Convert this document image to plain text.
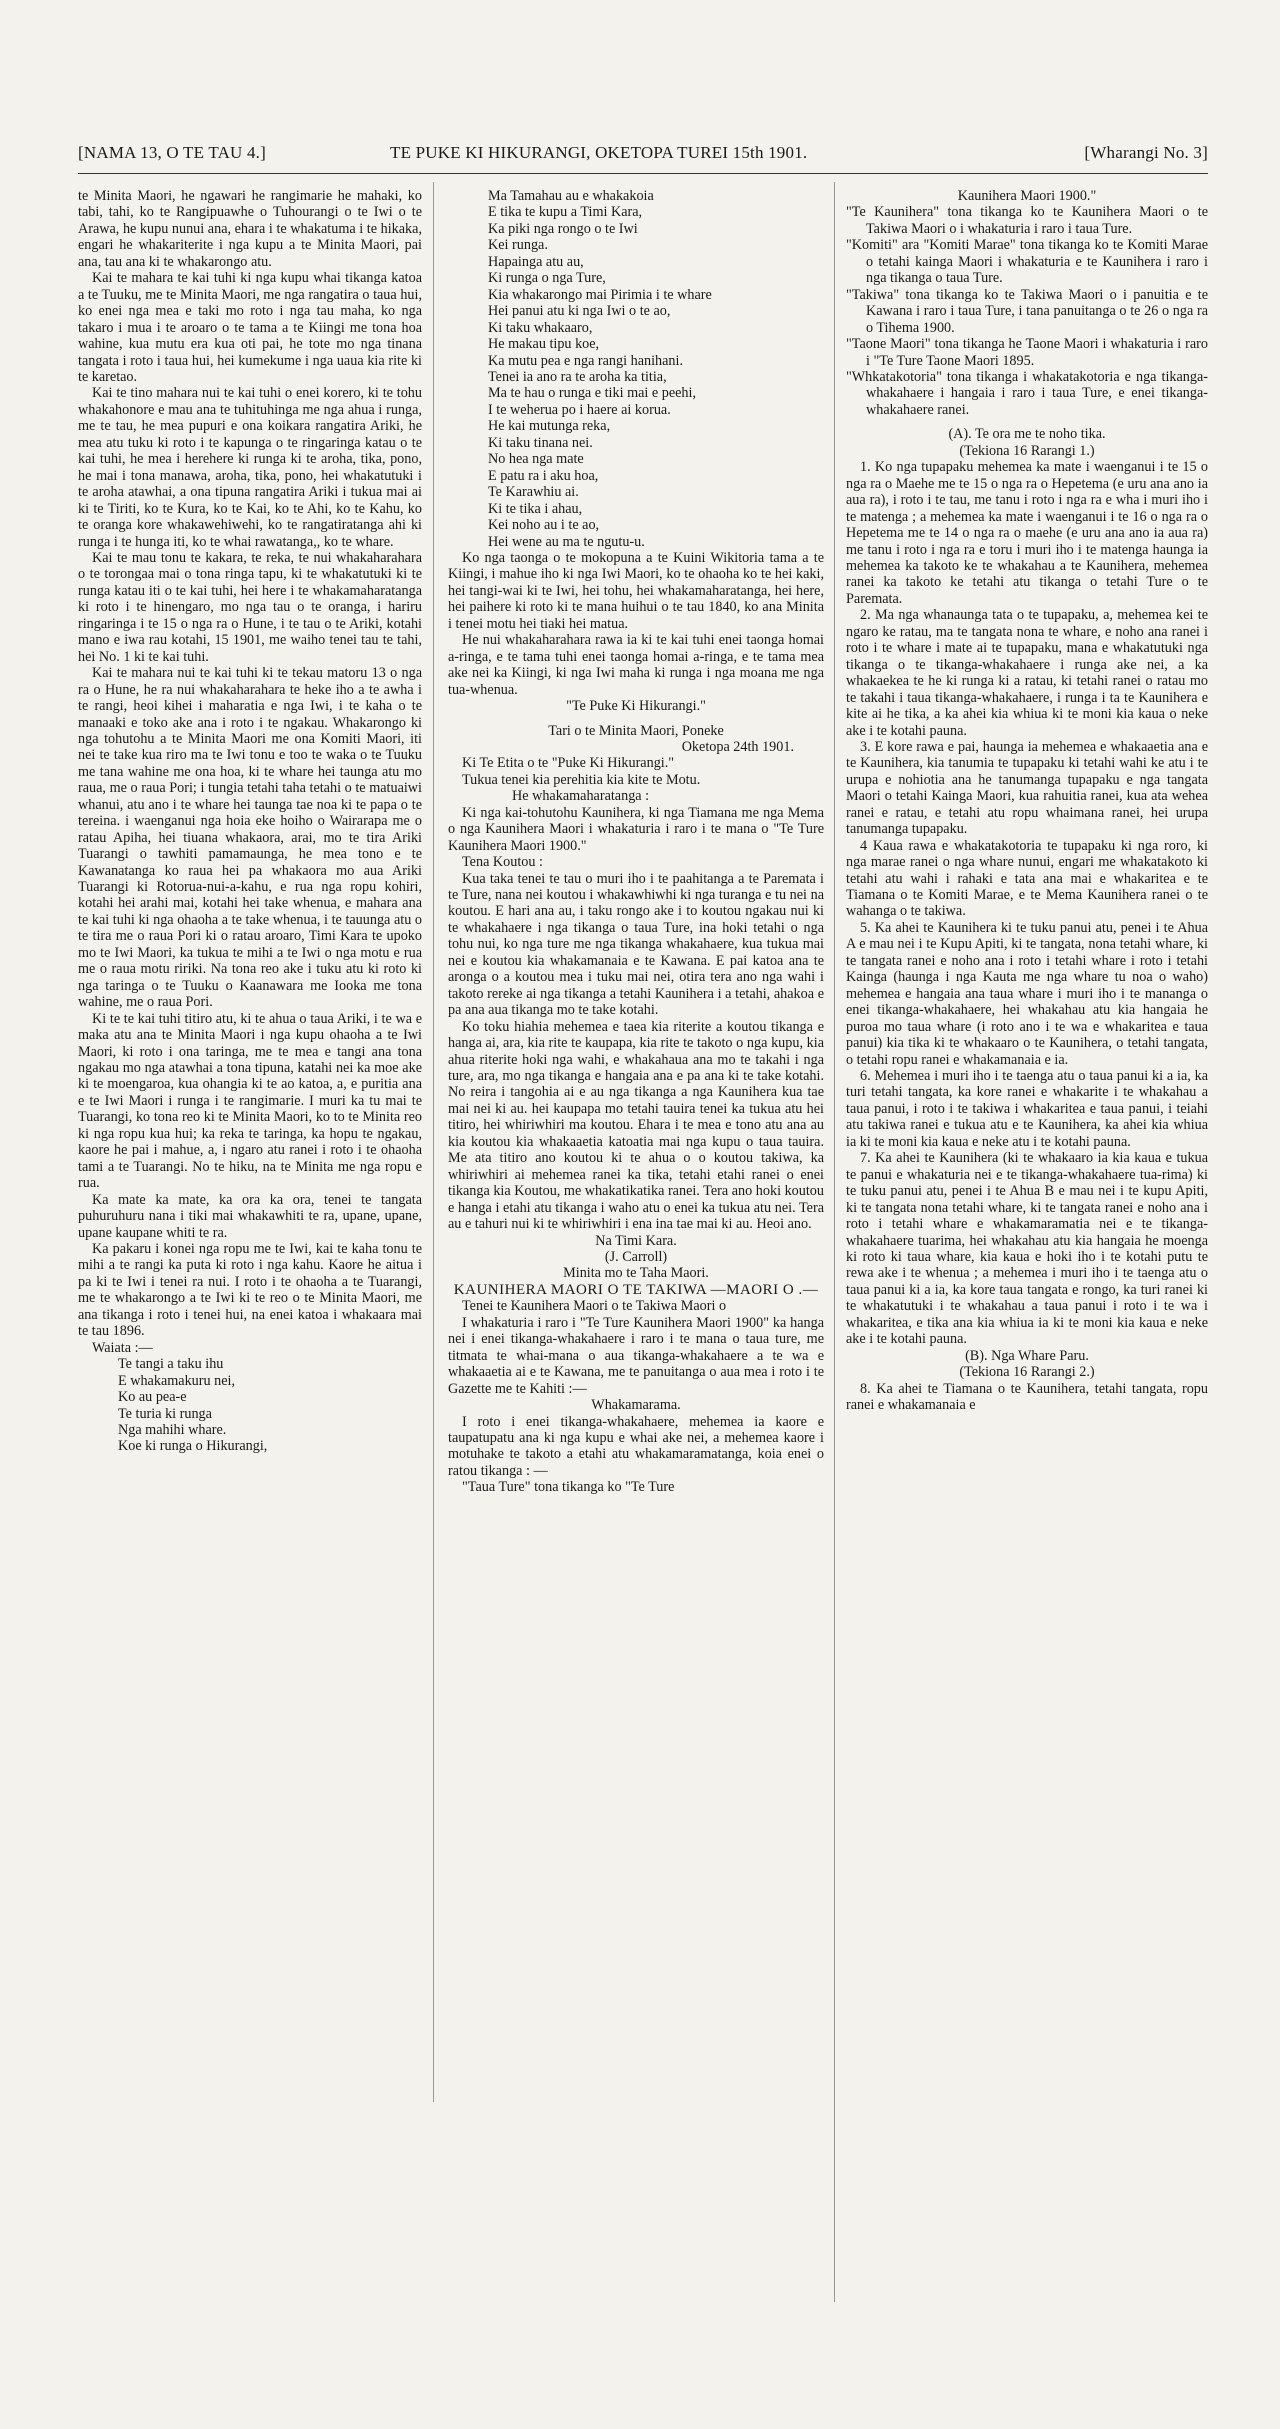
[NAMA 13, O TE TAU 4.]	TE PUKE KI HIKURANGI, OKETOPA TUREI 15th 1901.	[Wharangi No. 3]

te Minita Maori, he ngawari he rangimarie he mahaki, ko tabi, tahi, ko te Rangipuawhe o Tuhourangi o te Iwi o te Arawa, he kupu nunui ana, ehara i te whakatuma i te hikaka, engari he whakariterite i nga kupu a te Minita Maori, pai ana, tau ana ki te whakarongo atu.

Kai te mahara te kai tuhi ki nga kupu whai tikanga katoa a te Tuuku, me te Minita Maori, me nga rangatira o taua hui, ko enei nga mea e taki mo roto i nga tau maha, ko nga takaro i mua i te aroaro o te tama a te Kiingi me tona hoa wahine, kua mutu era kua oti pai, he tote mo nga tinana tangata i roto i taua hui, hei kumekume i nga uaua kia rite ki te karetao.

Kai te tino mahara nui te kai tuhi o enei korero, ki te tohu whakahonore e mau ana te tuhituhinga me nga ahua i runga, me te tau, he mea pupuri e ona koikara rangatira Ariki, he mea atu tuku ki roto i te kapunga o te ringaringa katau o te kai tuhi, he mea i herehere ki runga ki te aroha, tika, pono, he mai i tona manawa, aroha, tika, pono, hei whakatutuki i te aroha atawhai, a ona tipuna rangatira Ariki i tukua mai ai ki te Tiriti, ko te Kura, ko te Kai, ko te Ahi, ko te Kahu, ko te oranga kore whakawehiwehi, ko te rangatiratanga ahi ki runga i te hunga iti, ko te whai rawatanga,, ko te whare.

Kai te mau tonu te kakara, te reka, te nui whakaharahara o te torongaa mai o tona ringa tapu, ki te whakatutuki ki te runga katau iti o te kai tuhi, hei here i te whakamaharatanga ki roto i te hinengaro, mo nga tau o te oranga, i hariru ringaringa i te 15 o nga ra o Hune, i te tau o te Ariki, kotahi mano e iwa rau kotahi, 15 1901, me waiho tenei tau te tahi, hei No. 1 ki te kai tuhi.

Kai te mahara nui te kai tuhi ki te tekau matoru 13 o nga ra o Hune, he ra nui whakaharahara te heke iho a te awha i te rangi, heoi kihei i maharatia e nga Iwi, i te kaha o te manaaki e toko ake ana i roto i te ngakau. Whakarongo ki nga tohutohu a te Minita Maori me ona Komiti Maori, iti nei te take kua riro ma te Iwi tonu e too te waka o te Tuuku me tana wahine me ona hoa, ki te whare hei taunga atu mo raua, me o raua Pori; i tungia tetahi taha tetahi o te matuaiwi whanui, atu ano i te whare hei taunga tae noa ki te papa o te tereina. i waenganui nga hoia eke hoiho o Wairarapa me o ratau Apiha, hei tiuana whakaora, arai, mo te tira Ariki Tuarangi o tawhiti pamamaunga, he mea tono e te Kawanatanga ko raua hei pa whakaora mo aua Ariki Tuarangi ki Rotorua-nui-a-kahu, e rua nga ropu kohiri, kotahi hei arahi mai, kotahi hei take whenua, e mahara ana te kai tuhi ki nga ohaoha a te take whenua, i te tauunga atu o te tira me o raua Pori ki o ratau aroaro, Timi Kara te upoko mo te Iwi Maori, ka tukua te mihi a te Iwi o nga motu e rua me o raua motu ririki. Na tona reo ake i tuku atu ki roto ki nga taringa o te Tuuku o Kaanawara me Iooka me tona wahine, me o raua Pori.

Ki te te kai tuhi titiro atu, ki te ahua o taua Ariki, i te wa e maka atu ana te Minita Maori i nga kupu ohaoha a te Iwi Maori, ki roto i ona taringa, me te mea e tangi ana tona ngakau mo nga atawhai a tona tipuna, katahi nei ka moe ake ki te moengaroa, kua ohangia ki te ao katoa, a, e puritia ana e te Iwi Maori i runga i te rangimarie. I muri ka tu mai te Tuarangi, ko tona reo ki te Minita Maori, ko to te Minita reo ki nga ropu kua hui; ka reka te taringa, ka hopu te ngakau, kaore he pai i mahue, a, i ngaro atu ranei i roto i te ohaoha tami a te Tuarangi. No te hiku, na te Minita me nga ropu e rua.

Ka mate ka mate, ka ora ka ora, tenei te tangata puhuruhuru nana i tiki mai whakawhiti te ra, upane, upane, upane kaupane whiti te ra.

Ka pakaru i konei nga ropu me te Iwi, kai te kaha tonu te mihi a te rangi ka puta ki roto i nga kahu. Kaore he aitua i pa ki te Iwi i tenei ra nui. I roto i te ohaoha a te Tuarangi, me te whakarongo a te Iwi ki te reo o te Minita Maori, me ana tikanga i roto i tenei hui, na enei katoa i whakaara mai te tau 1896.

Waiata :—

Te tangi a taku ihu
E whakamakuru nei,
Ko au pea-e
Te turia ki runga
Nga mahihi whare.
Koe ki runga o Hikurangi,
Ma Tamahau au e whakakoia
E tika te kupu a Timi Kara,
Ka piki nga rongo o te Iwi
Kei runga.
Hapainga atu au,
Ki runga o nga Ture,
Kia whakarongo mai Pirimia i te whare
Hei panui atu ki nga Iwi o te ao,
Ki taku whakaaro,
He makau tipu koe,
Ka mutu pea e nga rangi hanihani.
Tenei ia ano ra te aroha ka titia,
Ma te hau o runga e tiki mai e peehi,
I te weherua po i haere ai korua.
He kai mutunga reka,
Ki taku tinana nei.
No hea nga mate
E patu ra i aku hoa,
Te Karawhiu ai.
Ki te tika i ahau,
Kei noho au i te ao,
Hei wene au ma te ngutu-u.

Ko nga taonga o te mokopuna a te Kuini Wikitoria tama a te Kiingi, i mahue iho ki nga Iwi Maori, ko te ohaoha ko te hei kaki, hei tangi-wai ki te Iwi, hei tohu, hei whakamaharatanga, hei here, hei paihere ki roto ki te mana huihui o te tau 1840, ko ana Minita i tenei motu hei tiaki hei matua.

He nui whakaharahara rawa ia ki te kai tuhi enei taonga homai a-ringa, e te tama tuhi enei taonga homai a-ringa, e te tama mea ake nei ka Kiingi, ki nga Iwi maha ki runga i nga moana me nga tua-whenua.

"Te Puke Ki Hikurangi."

Tari o te Minita Maori, Poneke

Oketopa 24th 1901.

Ki Te Etita o te "Puke Ki Hikurangi."

Tukua tenei kia perehitia kia kite te Motu.

He whakamaharatanga :

Ki nga kai-tohutohu Kaunihera, ki nga Tiamana me nga Mema o nga Kaunihera Maori i whakaturia i raro i te mana o "Te Ture Kaunihera Maori 1900."

Tena Koutou :

Kua taka tenei te tau o muri iho i te paahitanga a te Paremata i te Ture, nana nei koutou i whakawhiwhi ki nga turanga e tu nei na koutou. E hari ana au, i taku rongo ake i to koutou ngakau nui ki te whakahaere i nga tikanga o taua Ture, ina hoki tetahi o nga tohu nui, ko nga ture me nga tikanga whakahaere, kua tukua mai nei e koutou kia whakamanaia e te Kawana. E pai katoa ana te aronga o a koutou mea i tuku mai nei, otira tera ano nga wahi i takoto rereke ai nga tikanga a tetahi Kaunihera i a tetahi, ahakoa e pa ana aua tikanga mo te take kotahi.

Ko toku hiahia mehemea e taea kia riterite a koutou tikanga e hanga ai, ara, kia rite te kaupapa, kia rite te takoto o nga kupu, kia ahua riterite hoki nga wahi, e whakahaua ana mo te takahi i nga ture, ara, mo nga tikanga e hangaia ana e pa ana ki te take kotahi. No reira i tangohia ai e au nga tikanga a nga Kaunihera kua tae mai nei ki au. hei kaupapa mo tetahi tauira tenei ka tukua atu hei titiro, hei whiriwhiri ma koutou. Ehara i te mea e tono atu ana au kia koutou kia whakaaetia katoatia mai nga kupu o taua tauira. Me ata titiro ano koutou ki te ahua o o koutou takiwa, ka whiriwhiri ai mehemea ranei ka tika, tetahi etahi ranei o enei tikanga kia Koutou, me whakatikatika ranei. Tera ano hoki koutou e hanga i etahi atu tikanga i waho atu o enei ka tukua atu nei. Tera au e tahuri nui ki te whiriwhiri i ena ina tae mai ki au. Heoi ano.

Na Timi Kara.

(J. Carroll)

Minita mo te Taha Maori.

KAUNIHERA MAORI O TE TAKIWA —MAORI O .—

Tenei te Kaunihera Maori o te Takiwa Maori o

I whakaturia i raro i "Te Ture Kaunihera Maori 1900" ka hanga nei i enei tikanga-whakahaere i raro i te mana o taua ture, me titmata te whai-mana o aua tikanga-whakahaere a te wa e whakaaetia ai e te Kawana, me te panuitanga o aua mea i roto i te Gazette me te Kahiti :—

Whakamarama.

I roto i enei tikanga-whakahaere, mehemea ia kaore e taupatupatu ana ki nga kupu e whai ake nei, a mehemea kaore i motuhake te takoto a etahi atu whakamaramatanga, koia enei o ratou tikanga : —

"Taua Ture" tona tikanga ko "Te Ture

Kaunihera Maori 1900."

"Te Kaunihera" tona tikanga ko te Kaunihera Maori o te Takiwa Maori o i whakaturia i raro i taua Ture.

"Komiti" ara "Komiti Marae" tona tikanga ko te Komiti Marae o tetahi kainga Maori i whakaturia e te Kaunihera i raro i nga tikanga o taua Ture.

"Takiwa" tona tikanga ko te Takiwa Maori o i panuitia e te Kawana i raro i taua Ture, i tana panuitanga o te 26 o nga ra o Tihema 1900.

"Taone Maori" tona tikanga he Taone Maori i whakaturia i raro i "Te Ture Taone Maori 1895.

"Whkatakotoria" tona tikanga i whakatakotoria e nga tikanga-whakahaere i hangaia i raro i taua Ture, e enei tikanga-whakahaere ranei.

(A). Te ora me te noho tika.

(Tekiona 16 Rarangi 1.)

1. Ko nga tupapaku mehemea ka mate i waenganui i te 15 o nga ra o Maehe me te 15 o nga ra o Hepetema (e uru ana ano ia aua ra), i roto i te tau, me tanu i roto i nga ra e wha i muri iho i te matenga ; a mehemea ka mate i waenganui i te 16 o nga ra o Hepetema me te 14 o nga ra o maehe (e uru ana ano ia aua ra) me tanu i roto i nga ra e toru i muri iho i te matenga haunga ia mehemea ka takoto ke te whakahau a te Kaunihera, mehemea ranei ka takoto ke tetahi atu tikanga o tetahi Ture o te Paremata.

2. Ma nga whanaunga tata o te tupapaku, a, mehemea kei te ngaro ke ratau, ma te tangata nona te whare, e noho ana ranei i roto i te whare i mate ai te tupapaku, mana e whakatutuki nga tikanga o te tikanga-whakahaere i runga ake nei, a ka whakaekea te he ki runga ki a ratau, ki tetahi ranei o ratau mo te takahi i taua tikanga-whakahaere, i runga i ta te Kaunihera e kite ai he tika, a ka ahei kia whiua ki te moni kia kaua o neke ake i te kotahi pauna.

3. E kore rawa e pai, haunga ia mehemea e whakaaetia ana e te Kaunihera, kia tanumia te tupapaku ki tetahi wahi ke atu i te urupa e nohiotia ana he tanumanga tupapaku e nga tangata Maori o tetahi Kainga Maori, kua rahuitia ranei, kua ata wehea ranei e ratau, e tetahi atu ropu whaimana ranei, hei urupa tanumanga tupapaku.

4 Kaua rawa e whakatakotoria te tupapaku ki nga roro, ki nga marae ranei o nga whare nunui, engari me whakatakoto ki tetahi atu wahi i rahaki e tata ana mai e whakaritea e te Tiamana o te Komiti Marae, e te Mema Kaunihera ranei o te wahanga o te takiwa.

5. Ka ahei te Kaunihera ki te tuku panui atu, penei i te Ahua A e mau nei i te Kupu Apiti, ki te tangata, nona tetahi whare, ki te tangata ranei e noho ana i roto i tetahi whare i roto i tetahi Kainga (haunga i nga Kauta me nga whare tu noa o waho) mehemea e hangaia ana taua whare i muri iho i te mananga o enei tikanga-whakahaere, hei whakahau atu kia hangaia he puroa mo taua whare (i roto ano i te wa e whakaritea e taua panui) kia tika ki te whakaaro o te Kaunihera, o tetahi tangata, o tetahi ropu ranei e whakamanaia e ia.

6. Mehemea i muri iho i te taenga atu o taua panui ki a ia, ka turi tetahi tangata, ka kore ranei e whakarite i te whakahau a taua panui, i roto i te takiwa i whakaritea e taua panui, i teiahi atu takiwa ranei e tukua atu e te Kaunihera, ka ahei kia whiua ia ki te moni kia kaua e neke atu i te kotahi pauna.

7. Ka ahei te Kaunihera (ki te whakaaro ia kia kaua e tukua te panui e whakaturia nei e te tikanga-whakahaere tua-rima) ki te tuku panui atu, penei i te Ahua B e mau nei i te kupu Apiti, ki te tangata nona tetahi whare, ki te tangata ranei e noho ana i roto i tetahi whare e whakamaramatia nei e te tikanga-whakahaere tuarima, hei whakahau atu kia hangaia he moenga ki roto ki taua whare, kia kaua e hoki iho i te kotahi putu te rewa ake i te whenua ; a mehemea i muri iho i te taenga atu o taua panui ki a ia, ka kore taua tangata e rongo, ka turi ranei ki te whakatutuki i te whakahau a taua panui i roto i te wa i whakaritea, e tika ana kia whiua ia ki te moni kia kaua e neke ake i te kotahi pauna.

(B). Nga Whare Paru.

(Tekiona 16 Rarangi 2.)

8. Ka ahei te Tiamana o te Kaunihera, tetahi tangata, ropu ranei e whakamanaia e
